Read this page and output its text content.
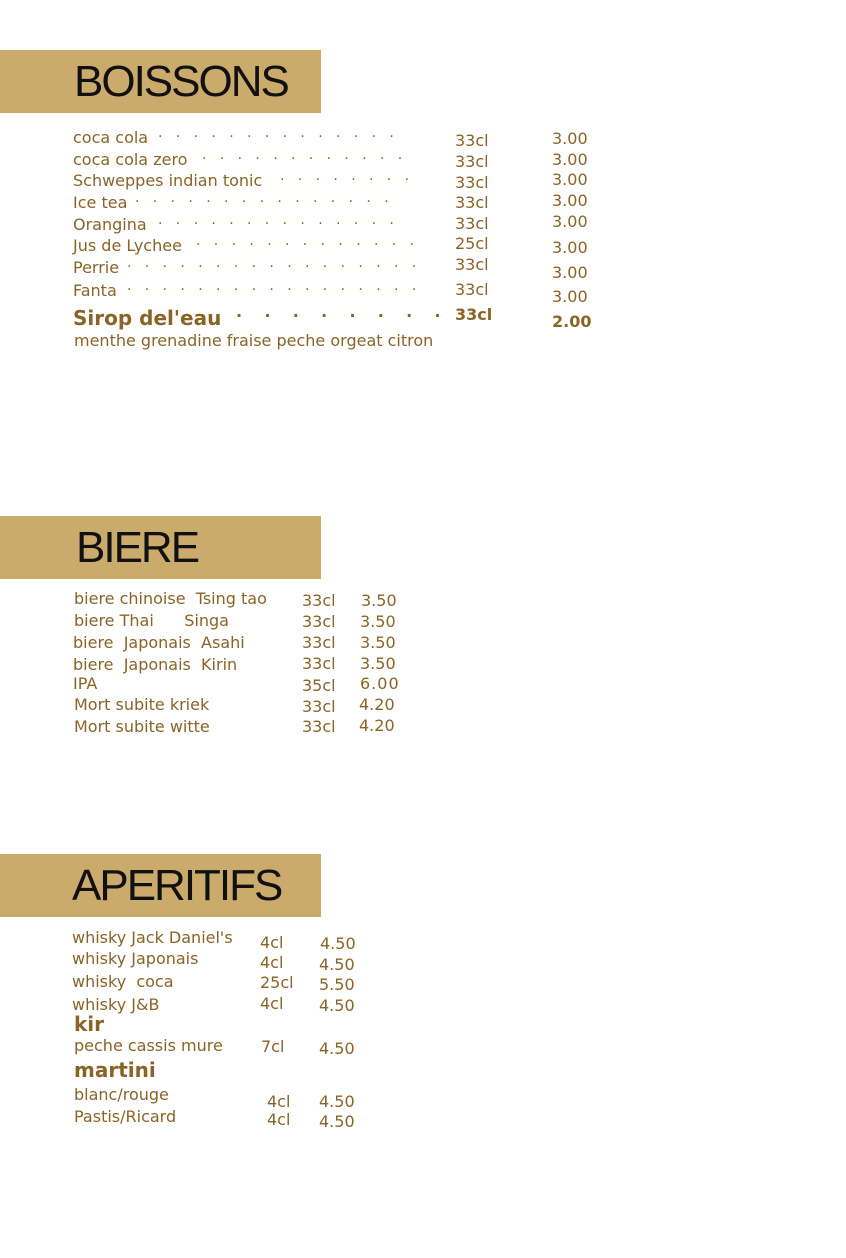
BOISSONS
coca cola ·   ·   ·   ·   ·   ·   ·   ·   ·   ·   ·   ·   ·   ·	33cl	3.00
coca cola zero ·   ·   ·   ·   ·   ·   ·   ·   ·   ·   ·   ·	33cl	3.00
Schweppes indian tonic ·   ·   ·   ·   ·   ·   ·   ·	33cl	3.00
Ice tea ·   ·   ·   ·   ·   ·   ·   ·   ·   ·   ·   ·   ·   ·   ·	33cl	3.00
Orangina ·   ·   ·   ·   ·   ·   ·   ·   ·   ·   ·   ·   ·   ·	33cl	3.00
Jus de Lychee ·   ·   ·   ·   ·   ·   ·   ·   ·   ·   ·   ·   ·	25cl	3.00
Perrie ·   ·   ·   ·   ·   ·   ·   ·   ·   ·   ·   ·   ·   ·   ·   ·   ·	33cl	3.00
Fanta ·   ·   ·   ·   ·   ·   ·   ·   ·   ·   ·   ·   ·   ·   ·   ·   ·	33cl	3.00
Sirop del'eau ·    ·    ·    ·    ·    ·    ·    · 33cl	2.00
menthe grenadine fraise peche orgeat citron
BIERE
biere chinoise  Tsing tao 33cl 3.50
biere Thai      Singa	33cl 3.50
biere  Japonais  Asahi	33cl 3.50
biere  Japonais  Kirin	33cl 3.50
IPA	35cl 6.00
Mort subite kriek	33cl 4.20
Mort subite witte	33cl 4.20
APERITIFS
whisky Jack Daniel's 4cl 4.50
whisky Japonais	4cl 4.50
whisky  coca	25cl 5.50
whisky J&B	4cl 4.50
kir
peche cassis mure 7cl 4.50
martini
blanc/rouge	4cl 4.50
Pastis/Ricard	4cl 4.50
